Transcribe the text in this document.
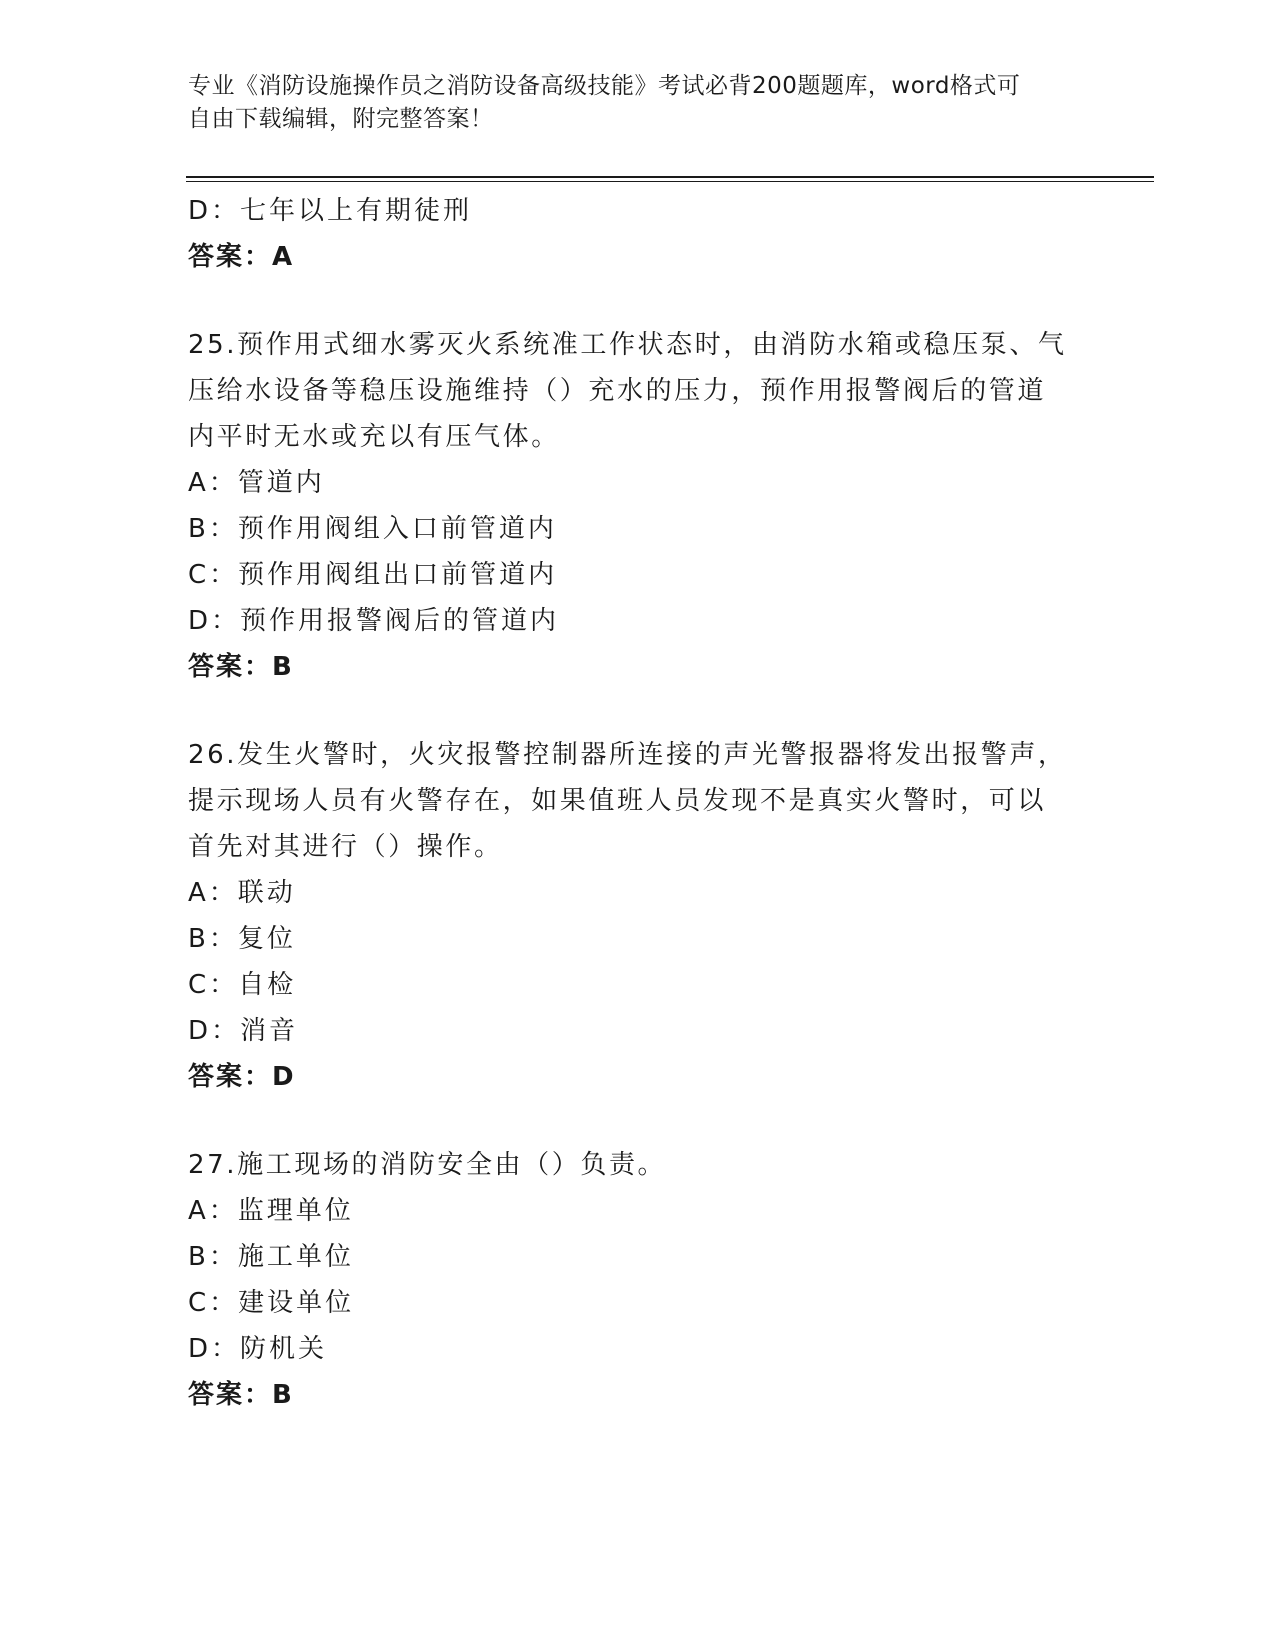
专业《消防设施操作员之消防设备高级技能》考试必背200题题库，word格式可
自由下载编辑，附完整答案！
D：七年以上有期徒刑
答案：A
25.预作用式细水雾灭火系统准工作状态时，由消防水箱或稳压泵、气
压给水设备等稳压设施维持（）充水的压力，预作用报警阀后的管道
内平时无水或充以有压气体。
A：管道内
B：预作用阀组入口前管道内
C：预作用阀组出口前管道内
D：预作用报警阀后的管道内
答案：B
26.发生火警时，火灾报警控制器所连接的声光警报器将发出报警声，
提示现场人员有火警存在，如果值班人员发现不是真实火警时，可以
首先对其进行（）操作。
A：联动
B：复位
C：自检
D：消音
答案：D
27.施工现场的消防安全由（）负责。
A：监理单位
B：施工单位
C：建设单位
D：防机关
答案：B
